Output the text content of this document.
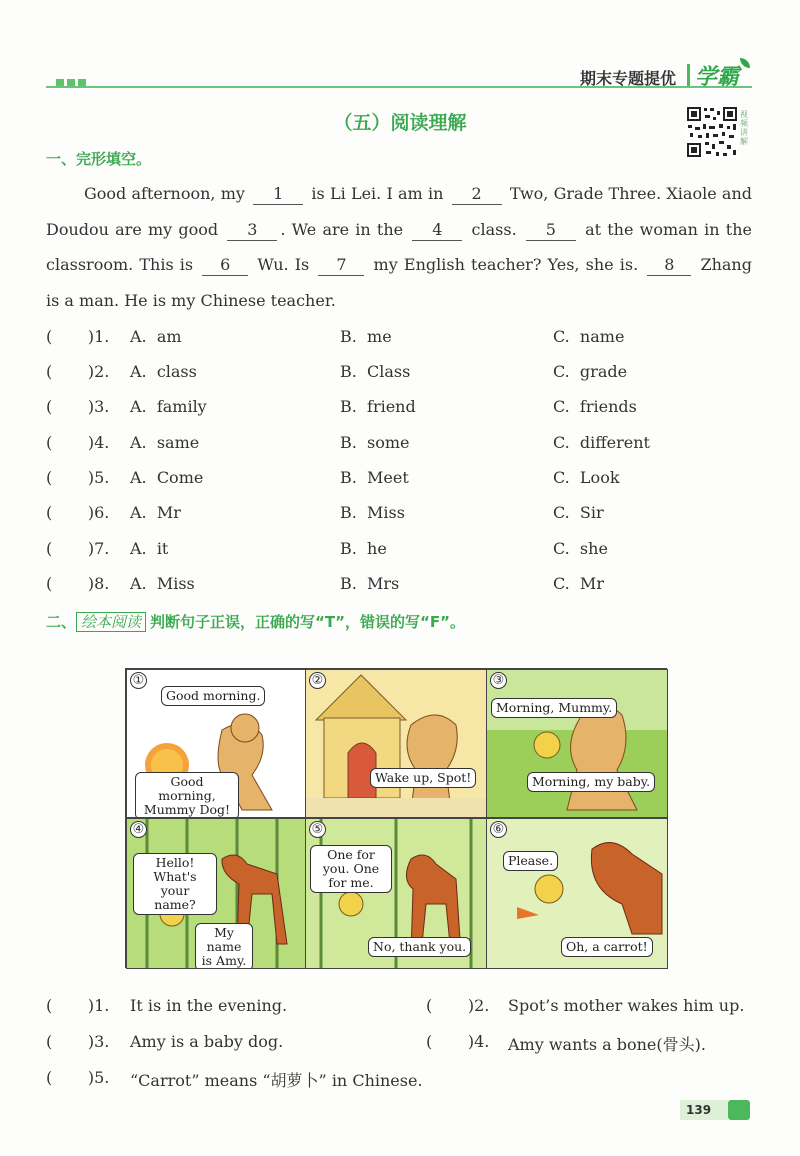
期末专题提优 学霸
（五）阅读理解	视频讲解
一、完形填空。
Good afternoon, my 1 is Li Lei. I am in 2 Two, Grade Three. Xiaole and Doudou are my good 3 . We are in the 4 class. 5 at the woman in the classroom. This is 6 Wu. Is 7 my English teacher? Yes, she is. 8 Zhang is a man. He is my Chinese teacher.
(       )1. A.  am	B.  me	C.  name
(       )2. A.  class	B.  Class	C.  grade
(       )3. A.  family	B.  friend	C.  friends
(       )4. A.  same	B.  some	C.  different
(       )5. A.  Come	B.  Meet	C.  Look
(       )6. A.  Mr	B.  Miss	C.  Sir
(       )7. A.  it	B.  he	C.  she
(       )8. A.  Miss	B.  Mrs	C.  Mr
二、 绘本阅读 判断句子正误，正确的写“T”，错误的写“F”。
①
Good morning.
Good morning, Mummy Dog!
②
Wake up, Spot!
③
Morning, Mummy.
Morning, my baby.
④
Hello! What's your name?
My name is Amy.
⑤
One for you. One for me.
No, thank you.
⑥
Please.
Oh, a carrot!
(       )1. It is in the evening.	(       )2. Spot’s mother wakes him up.
(       )3. Amy is a baby dog.	(       )4. Amy wants a bone(骨头).
(       )5. “Carrot” means “胡萝卜” in Chinese.
139
